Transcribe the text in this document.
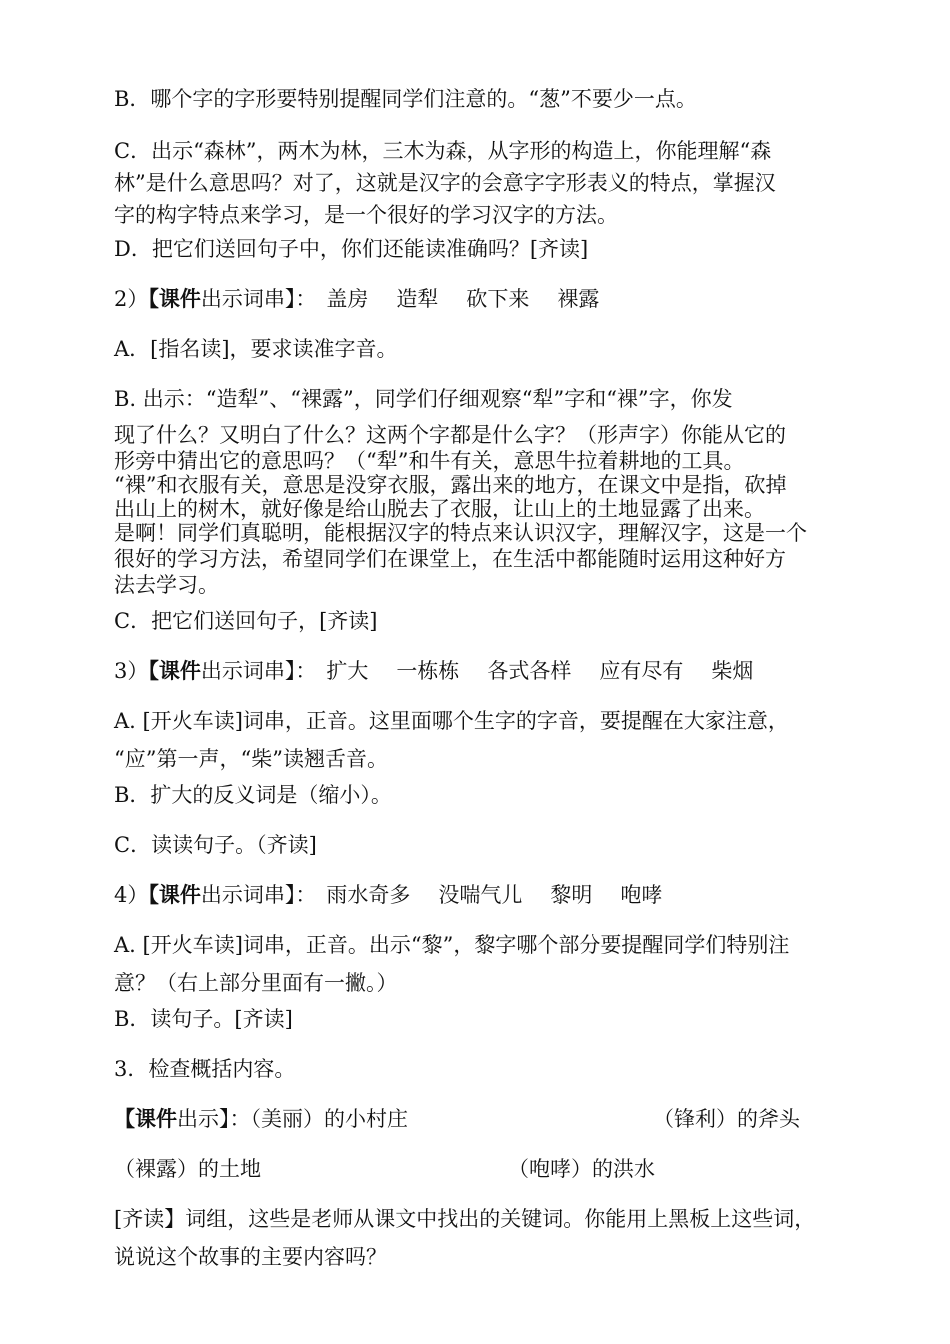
B．哪个字的字形要特别提醒同学们注意的。“葱”不要少一点。
C．出示“森林”，两木为林，三木为森，从字形的构造上，你能理解“森
林”是什么意思吗？对了，这就是汉字的会意字字形表义的特点，掌握汉
字的构字特点来学习，是一个很好的学习汉字的方法。
D．把它们送回句子中，你们还能读准确吗？[齐读]
2）【课件出示词串】： 盖房 造犁 砍下来 裸露
A．[指名读]，要求读准字音。
B. 出示：“造犁”、“裸露”，同学们仔细观察“犁”字和“裸”字，你发
现了什么？又明白了什么？这两个字都是什么字？（形声字）你能从它的
形旁中猜出它的意思吗？（“犁”和牛有关，意思牛拉着耕地的工具。
“裸”和衣服有关，意思是没穿衣服，露出来的地方，在课文中是指，砍掉
出山上的树木，就好像是给山脱去了衣服，让山上的土地显露了出来。
是啊！同学们真聪明，能根据汉字的特点来认识汉字，理解汉字，这是一个
很好的学习方法，希望同学们在课堂上，在生活中都能随时运用这种好方
法去学习。
C．把它们送回句子，[齐读]
3）【课件出示词串】： 扩大 一栋栋 各式各样 应有尽有 柴烟
A. [开火车读]词串，正音。这里面哪个生字的字音，要提醒在大家注意，
“应”第一声，“柴”读翘舌音。
B．扩大的反义词是（缩小）。
C．读读句子。（齐读]
4）【课件出示词串】： 雨水奇多 没喘气儿 黎明 咆哮
A. [开火车读]词串，正音。出示“黎”，黎字哪个部分要提醒同学们特别注
意？（右上部分里面有一撇。）
B．读句子。[齐读]
3．检查概括内容。
【课件出示】：（美丽）的小村庄	（锋利）的斧头
（裸露）的土地	（咆哮）的洪水
[齐读】词组，这些是老师从课文中找出的关键词。你能用上黑板上这些词，
说说这个故事的主要内容吗？
